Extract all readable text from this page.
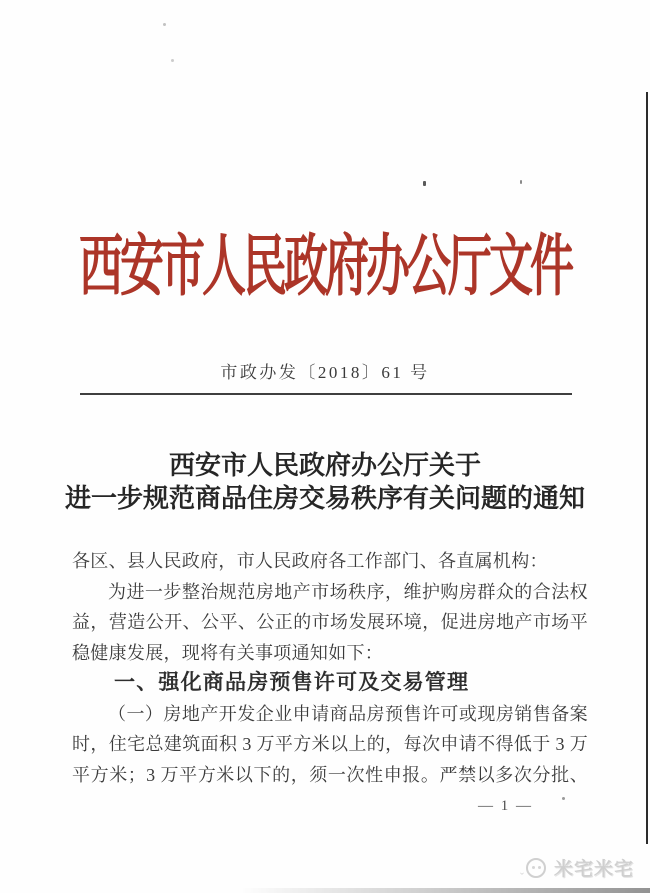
西安市人民政府办公厅文件
市政办发〔2018〕61 号
西安市人民政府办公厅关于
进一步规范商品住房交易秩序有关问题的通知
各区、县人民政府，市人民政府各工作部门、各直属机构：
为进一步整治规范房地产市场秩序，维护购房群众的合法权
益，营造公开、公平、公正的市场发展环境，促进房地产市场平
稳健康发展，现将有关事项通知如下：
一、强化商品房预售许可及交易管理
（一）房地产开发企业申请商品房预售许可或现房销售备案
时，住宅总建筑面积 3 万平方米以上的，每次申请不得低于 3 万
平方米；3 万平方米以下的，须一次性申报。严禁以多次分批、
— 1 —
ˬ 米宅米宅
